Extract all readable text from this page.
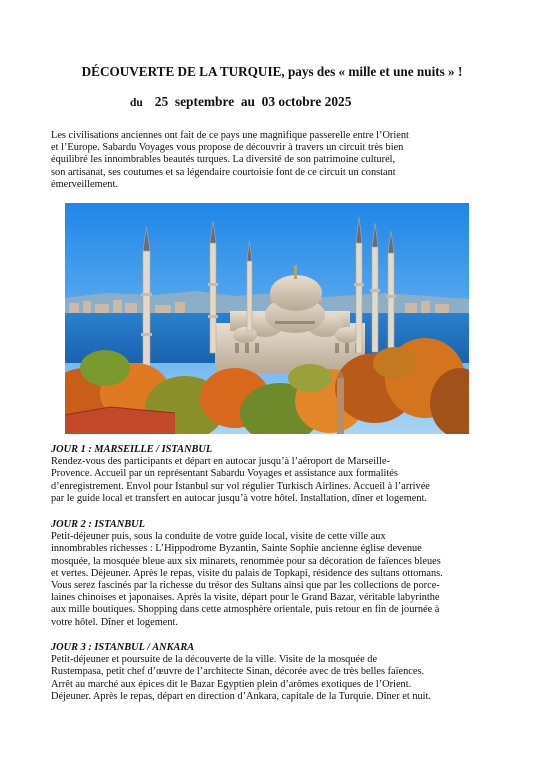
DÉCOUVERTE DE LA TURQUIE, pays des « mille et une nuits » !
du 25  septembre  au  03 octobre 2025
Les civilisations anciennes ont fait de ce pays une magnifique passerelle entre l’Orient
et l’Europe. Sabardu Voyages vous propose de découvrir à travers un circuit très bien
équilibré les innombrables beautés turques. La diversité de son patrimoine culturel,
son artisanat, ses coutumes et sa légendaire courtoisie font de ce circuit un constant
émerveillement.
JOUR 1 : MARSEILLE / ISTANBUL
Rendez-vous des participants et départ en autocar jusqu’à l’aéroport de Marseille-
Provence. Accueil par un représentant Sabardu Voyages et assistance aux formalités
d’enregistrement. Envol pour Istanbul sur vol régulier Turkisch Airlines. Accueil à l’arrivée
par le guide local et transfert en autocar jusqu’à votre hôtel. Installation, dîner et logement.
JOUR 2 : ISTANBUL
Petit-déjeuner puis, sous la conduite de votre guide local, visite de cette ville aux
innombrables richesses : L’Hippodrome Byzantin, Sainte Sophie ancienne église devenue
mosquée, la mosquée bleue aux six minarets, renommée pour sa décoration de faïences bleues
et vertes. Déjeuner. Après le repas, visite du palais de Topkapi, résidence des sultans ottomans.
Vous serez fascinés par la richesse du trésor des Sultans ainsi que par les collections de porce-
laines chinoises et japonaises. Après la visite, départ pour le Grand Bazar, véritable labyrinthe
aux mille boutiques. Shopping dans cette atmosphère orientale, puis retour en fin de journée à
votre hôtel. Dîner et logement.
JOUR 3 : ISTANBUL / ANKARA
Petit-déjeuner et poursuite de la découverte de la ville. Visite de la mosquée de
Rustempasa, petit chef d’œuvre de l’architecte Sinan, décorée avec de très belles faïences.
Arrêt au marché aux épices dit le Bazar Egyptien plein d’arômes exotiques de l’Orient.
Déjeuner. Après le repas, départ en direction d’Ankara, capitale de la Turquie. Dîner et nuit.
